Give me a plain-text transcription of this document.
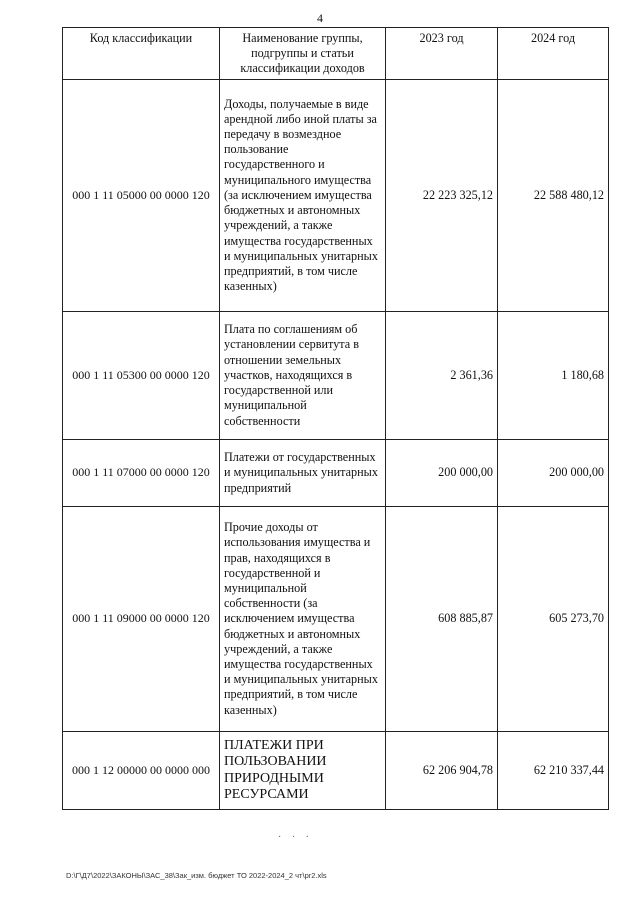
4
Код классификации	Наименование группы, подгруппы и статьи классификации доходов	2023 год	2024 год
000 1 11 05000 00 0000 120	Доходы, получаемые в виде арендной либо иной платы за передачу в возмездное пользование государственного и муниципального имущества (за исключением имущества бюджетных и автономных учреждений, а также имущества государственных и муниципальных унитарных предприятий, в том числе казенных)	22 223 325,12	22 588 480,12
000 1 11 05300 00 0000 120	Плата по соглашениям об установлении сервитута в отношении земельных участков, находящихся в государственной или муниципальной собственности	2 361,36	1 180,68
000 1 11 07000 00 0000 120	Платежи от государственных и муниципальных унитарных предприятий	200 000,00	200 000,00
000 1 11 09000 00 0000 120	Прочие доходы от использования имущества и прав, находящихся в государственной и муниципальной собственности (за исключением имущества бюджетных и автономных учреждений, а также имущества государственных и муниципальных унитарных предприятий, в том числе казенных)	608 885,87	605 273,70
000 1 12 00000 00 0000 000	ПЛАТЕЖИ ПРИ ПОЛЬЗОВАНИИ ПРИРОДНЫМИ РЕСУРСАМИ	62 206 904,78	62 210 337,44
· · ·
D:\Г\Д7\2022\ЗАКОНЫ\ЗАС_38\Зак_изм. бюджет ТО 2022-2024_2 чт\pr2.xls
